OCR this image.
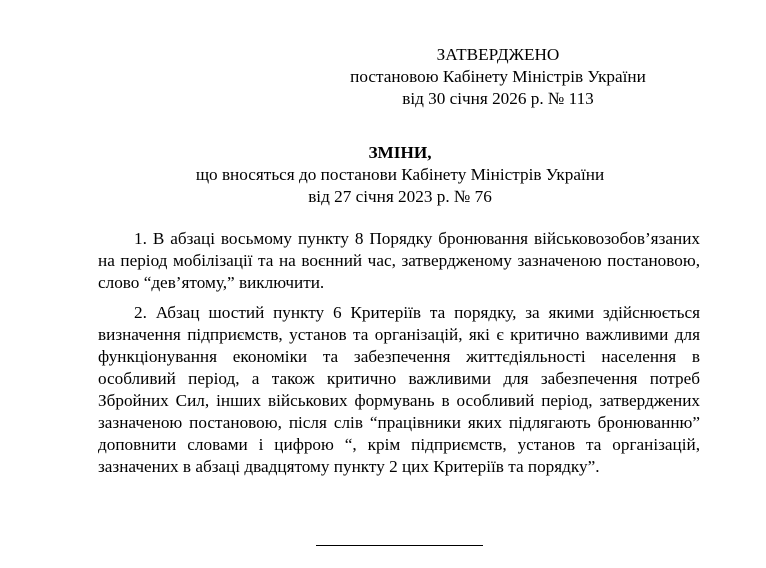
ЗАТВЕРДЖЕНО
постановою Кабінету Міністрів України
від 30 січня 2026 р. № 113
ЗМІНИ,
що вносяться до постанови Кабінету Міністрів України
від 27 січня 2023 р. № 76

1. В абзаці восьмому пункту 8 Порядку бронювання військовозобов’язаних на період мобілізації та на воєнний час, затвердженому зазначеною постановою, слово “дев’ятому,” виключити.

2. Абзац шостий пункту 6 Критеріїв та порядку, за якими здійснюється визначення підприємств, установ та організацій, які є критично важливими для функціонування економіки та забезпечення життєдіяльності населення в особливий період, а також критично важливими для забезпечення потреб Збройних Сил, інших військових формувань в особливий період, затверджених зазначеною постановою, після слів “працівники яких підлягають бронюванню” доповнити словами і цифрою “, крім підприємств, установ та організацій, зазначених в абзаці двадцятому пункту 2 цих Критеріїв та порядку”.
